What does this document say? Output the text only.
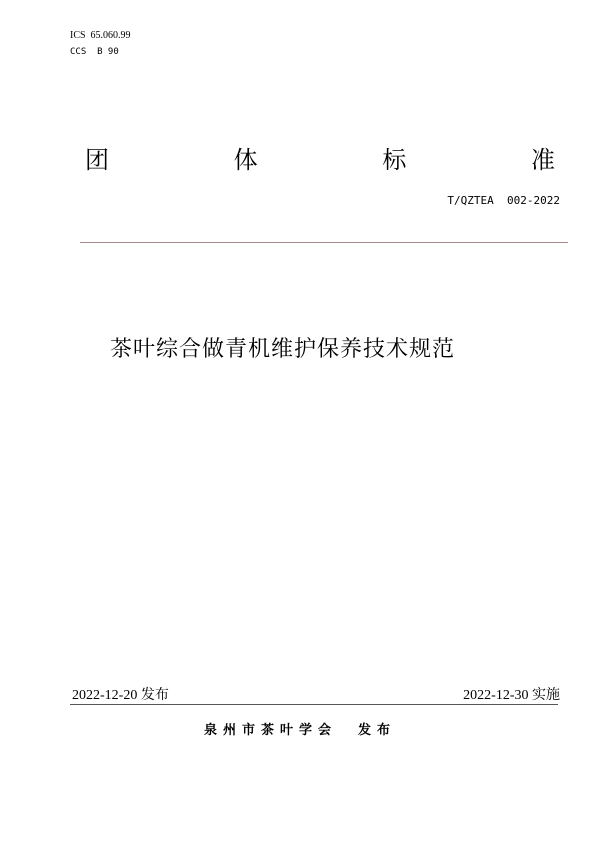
ICS  65.060.99
CCS  B 90
团	体	标	准
T/QZTEA  002-2022
茶叶综合做青机维护保养技术规范
2022-12-20 发布	2022-12-30 实施
泉州市茶叶学会  发布
